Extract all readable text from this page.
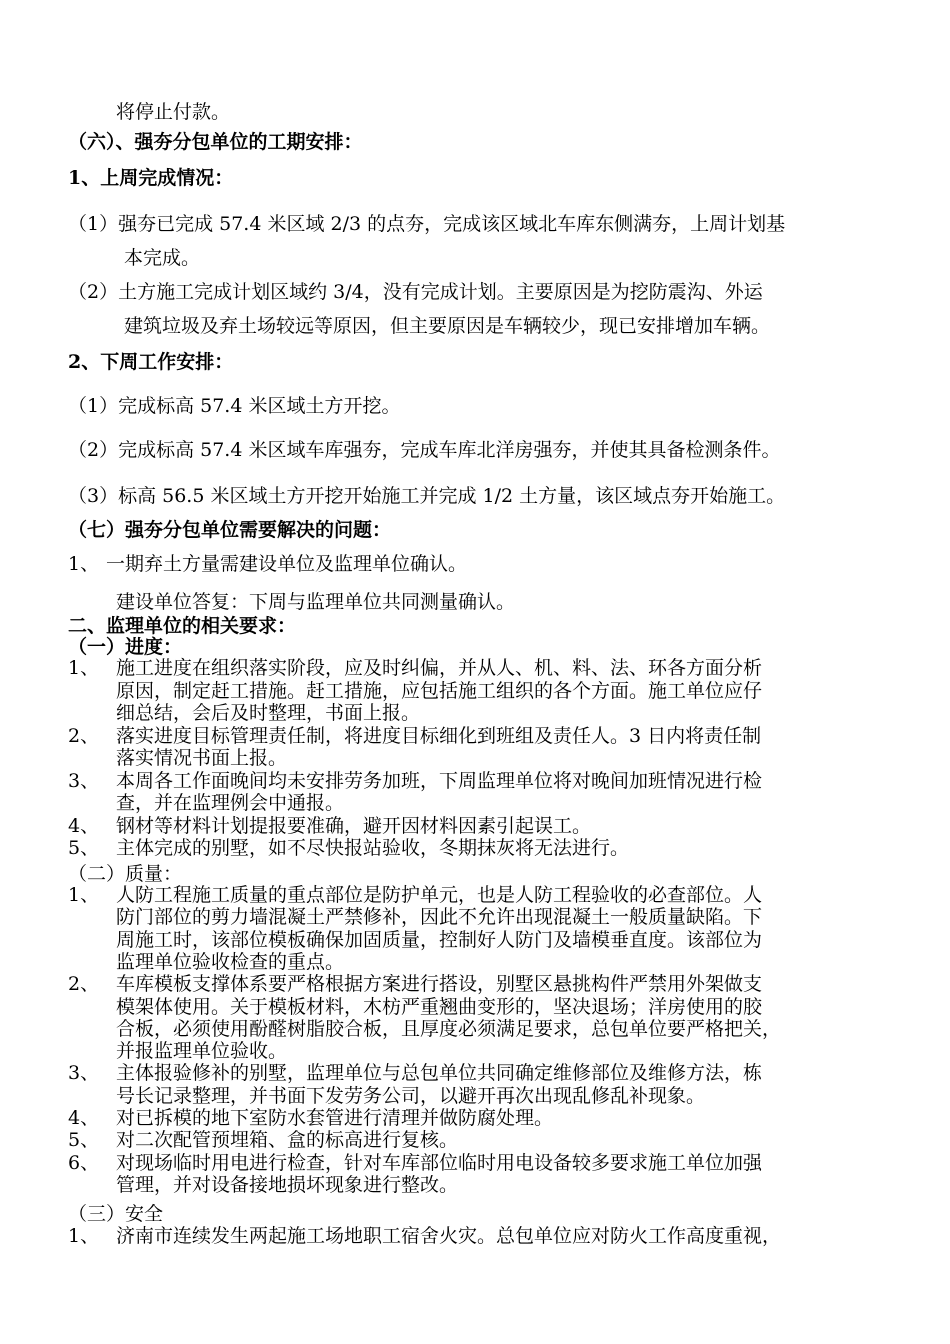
将停止付款。
（六）、强夯分包单位的工期安排：
1、上周完成情况：
（1）强夯已完成 57.4 米区域 2/3 的点夯，完成该区域北车库东侧满夯，上周计划基
本完成。
（2）土方施工完成计划区域约 3/4，没有完成计划。主要原因是为挖防震沟、外运
建筑垃圾及弃土场较远等原因，但主要原因是车辆较少，现已安排增加车辆。
2、下周工作安排：
（1）完成标高 57.4 米区域土方开挖。
（2）完成标高 57.4 米区域车库强夯，完成车库北洋房强夯，并使其具备检测条件。
（3）标高 56.5 米区域土方开挖开始施工并完成 1/2 土方量，该区域点夯开始施工。
（七）强夯分包单位需要解决的问题：
1、 一期弃土方量需建设单位及监理单位确认。
建设单位答复：下周与监理单位共同测量确认。
二、监理单位的相关要求：
（一）进度：
1、 施工进度在组织落实阶段，应及时纠偏，并从人、机、料、法、环各方面分析
原因，制定赶工措施。赶工措施，应包括施工组织的各个方面。施工单位应仔
细总结，会后及时整理，书面上报。
2、 落实进度目标管理责任制，将进度目标细化到班组及责任人。3 日内将责任制
落实情况书面上报。
3、 本周各工作面晚间均未安排劳务加班，下周监理单位将对晚间加班情况进行检
查，并在监理例会中通报。
4、 钢材等材料计划提报要准确，避开因材料因素引起误工。
5、 主体完成的别墅，如不尽快报站验收，冬期抹灰将无法进行。
（二）质量：
1、 人防工程施工质量的重点部位是防护单元，也是人防工程验收的必查部位。人
防门部位的剪力墙混凝土严禁修补，因此不允许出现混凝土一般质量缺陷。下
周施工时，该部位模板确保加固质量，控制好人防门及墙模垂直度。该部位为
监理单位验收检查的重点。
2、 车库模板支撑体系要严格根据方案进行搭设，别墅区悬挑构件严禁用外架做支
模架体使用。关于模板材料，木枋严重翘曲变形的，坚决退场；洋房使用的胶
合板，必须使用酚醛树脂胶合板，且厚度必须满足要求，总包单位要严格把关，
并报监理单位验收。
3、 主体报验修补的别墅，监理单位与总包单位共同确定维修部位及维修方法，栋
号长记录整理，并书面下发劳务公司，以避开再次出现乱修乱补现象。
4、 对已拆模的地下室防水套管进行清理并做防腐处理。
5、 对二次配管预埋箱、盒的标高进行复核。
6、 对现场临时用电进行检查，针对车库部位临时用电设备较多要求施工单位加强
管理，并对设备接地损坏现象进行整改。
（三）安全
1、 济南市连续发生两起施工场地职工宿舍火灾。总包单位应对防火工作高度重视，
